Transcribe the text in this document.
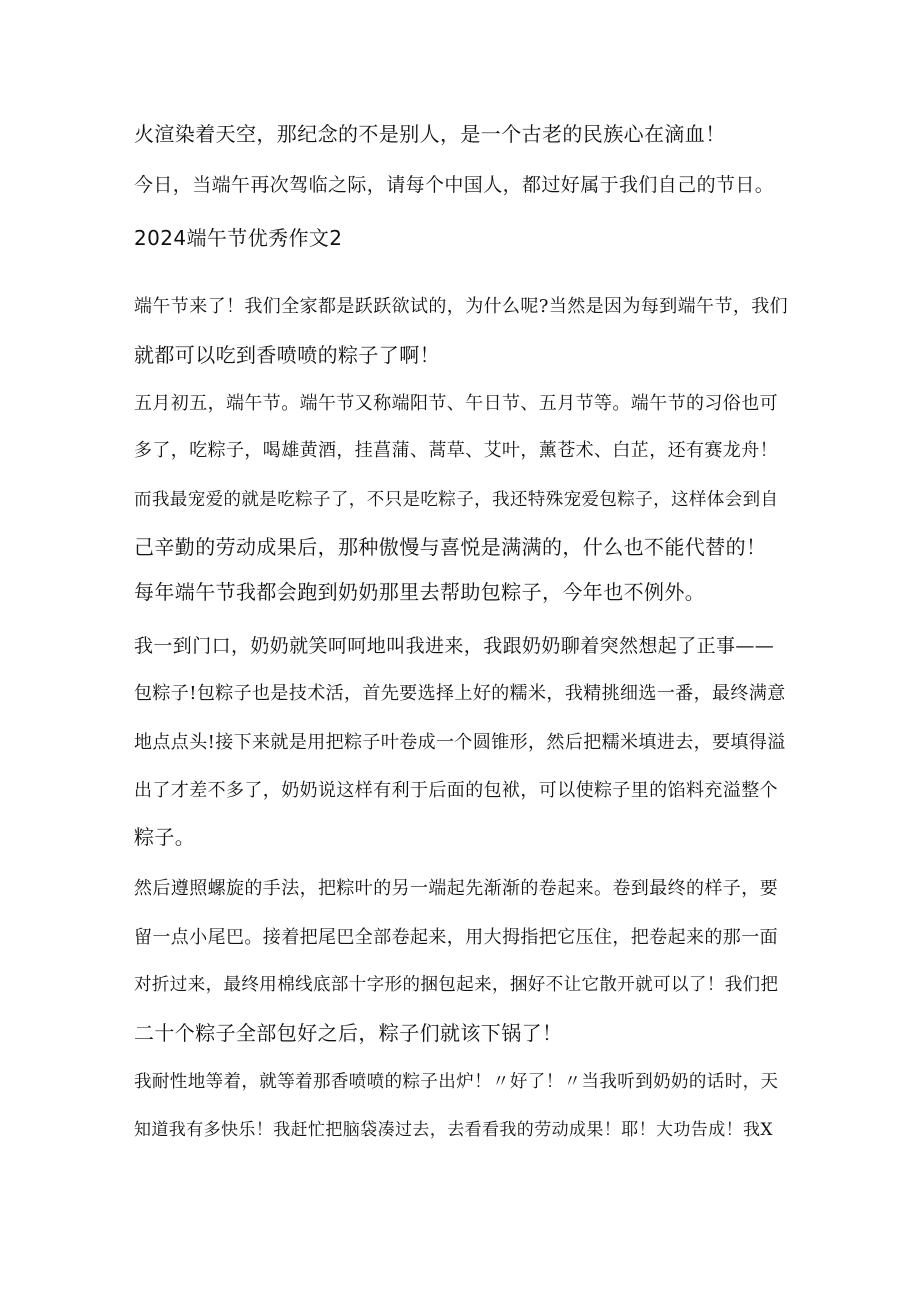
火渲染着天空，那纪念的不是别人，是一个古老的民族心在滴血！
今日，当端午再次驾临之际，请每个中国人，都过好属于我们自己的节日。
2024端午节优秀作文2
端午节来了！我们全家都是跃跃欲试的，为什么呢?当然是因为每到端午节，我们
就都可以吃到香喷喷的粽子了啊！
五月初五，端午节。端午节又称端阳节、午日节、五月节等。端午节的习俗也可
多了，吃粽子，喝雄黄酒，挂菖蒲、蒿草、艾叶，薰苍术、白芷，还有赛龙舟！
而我最宠爱的就是吃粽子了，不只是吃粽子，我还特殊宠爱包粽子，这样体会到自
己辛勤的劳动成果后，那种傲慢与喜悦是满满的，什么也不能代替的！
每年端午节我都会跑到奶奶那里去帮助包粽子，今年也不例外。
我一到门口，奶奶就笑呵呵地叫我进来，我跟奶奶聊着突然想起了正事——
包粽子!包粽子也是技术活，首先要选择上好的糯米，我精挑细选一番，最终满意
地点点头!接下来就是用把粽子叶卷成一个圆锥形，然后把糯米填进去，要填得溢
出了才差不多了，奶奶说这样有利于后面的包袱，可以使粽子里的馅料充溢整个
粽子。
然后遵照螺旋的手法，把粽叶的另一端起先渐渐的卷起来。卷到最终的样子，要
留一点小尾巴。接着把尾巴全部卷起来，用大拇指把它压住，把卷起来的那一面
对折过来，最终用棉线底部十字形的捆包起来，捆好不让它散开就可以了！我们把
二十个粽子全部包好之后，粽子们就该下锅了！
我耐性地等着，就等着那香喷喷的粽子出炉！〃好了！〃当我听到奶奶的话时，天
知道我有多快乐！我赶忙把脑袋凑过去，去看看我的劳动成果！耶！大功告成！我X
